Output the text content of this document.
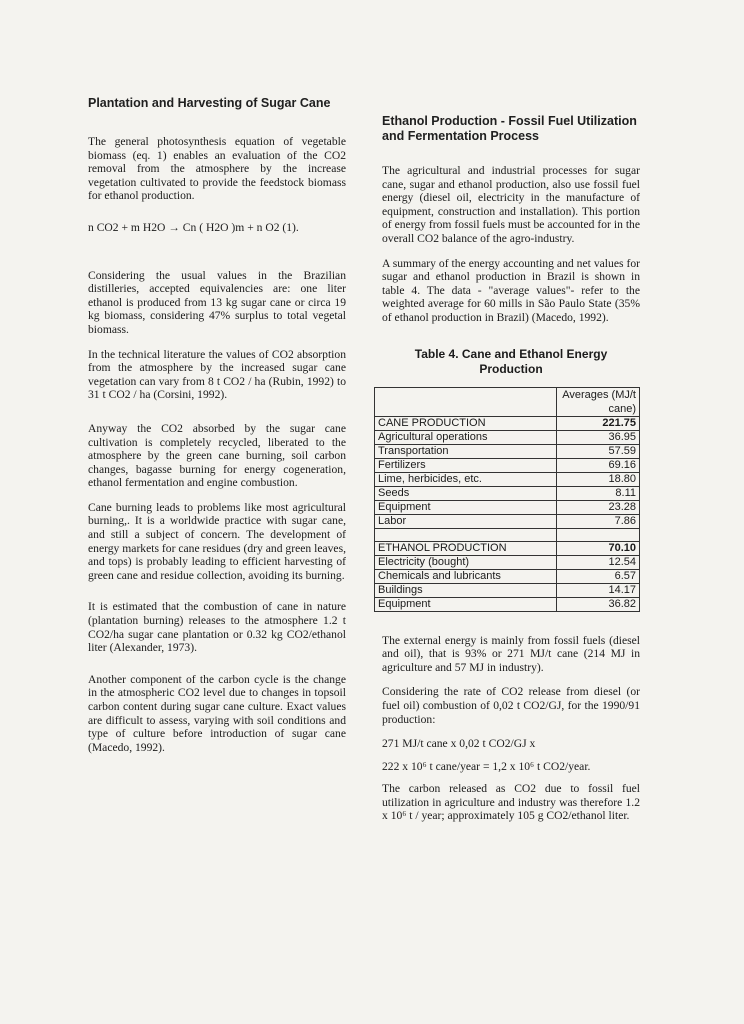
Plantation and Harvesting of Sugar Cane

The general photosynthesis equation of vegetable biomass (eq. 1) enables an evaluation of the CO2 removal from the atmosphere by the increase vegetation cultivated to provide the feedstock biomass for ethanol production.

n CO2 + m H2O → Cn ( H2O )m + n O2 (1).

Considering the usual values in the Brazilian distilleries, accepted equivalencies are: one liter ethanol is produced from 13 kg sugar cane or circa 19 kg biomass, considering 47% surplus to total vegetal biomass.

In the technical literature the values of CO2 absorption from the atmosphere by the increased sugar cane vegetation can vary from 8 t CO2 / ha (Rubin, 1992) to 31 t CO2 / ha (Corsini, 1992).

Anyway the CO2 absorbed by the sugar cane cultivation is completely recycled, liberated to the atmosphere by the green cane burning, soil carbon changes, bagasse burning for energy cogeneration, ethanol fermentation and engine combustion.

Cane burning leads to problems like most agricultural burning,. It is a worldwide practice with sugar cane, and still a subject of concern. The development of energy markets for cane residues (dry and green leaves, and tops) is probably leading to efficient harvesting of green cane and residue collection, avoiding its burning.

It is estimated that the combustion of cane in nature (plantation burning) releases to the atmosphere 1.2 t CO2/ha sugar cane plantation or 0.32 kg CO2/ethanol liter (Alexander, 1973).

Another component of the carbon cycle is the change in the atmospheric CO2 level due to changes in topsoil carbon content during sugar cane culture. Exact values are difficult to assess, varying with soil conditions and type of culture before introduction of sugar cane (Macedo, 1992).

Ethanol Production - Fossil Fuel Utilization and Fermentation Process

The agricultural and industrial processes for sugar cane, sugar and ethanol production, also use fossil fuel energy (diesel oil, electricity in the manufacture of equipment, construction and installation). This portion of energy from fossil fuels must be accounted for in the overall CO2 balance of the agro-industry.

A summary of the energy accounting and net values for sugar and ethanol production in Brazil is shown in table 4. The data - "average values"- refer to the weighted average for 60 mills in São Paulo State (35% of ethanol production in Brazil) (Macedo, 1992).

Table 4. Cane and Ethanol Energy Production
	Averages (MJ/t cane)
CANE PRODUCTION	221.75
Agricultural operations	36.95
Transportation	57.59
Fertilizers	69.16
Lime, herbicides, etc.	18.80
Seeds	8.11
Equipment	23.28
Labor	7.86

ETHANOL PRODUCTION	70.10
Electricity (bought)	12.54
Chemicals and lubricants	6.57
Buildings	14.17
Equipment	36.82

The external energy is mainly from fossil fuels (diesel and oil), that is 93% or 271 MJ/t cane (214 MJ in agriculture and 57 MJ in industry).

Considering the rate of CO2 release from diesel (or fuel oil) combustion of 0,02 t CO2/GJ, for the 1990/91 production:

271 MJ/t cane x 0,02 t CO2/GJ x

222 x 10⁶ t cane/year = 1,2 x 10⁶ t CO2/year.

The carbon released as CO2 due to fossil fuel utilization in agriculture and industry was therefore 1.2 x 10⁶ t / year; approximately 105 g CO2/ethanol liter.
